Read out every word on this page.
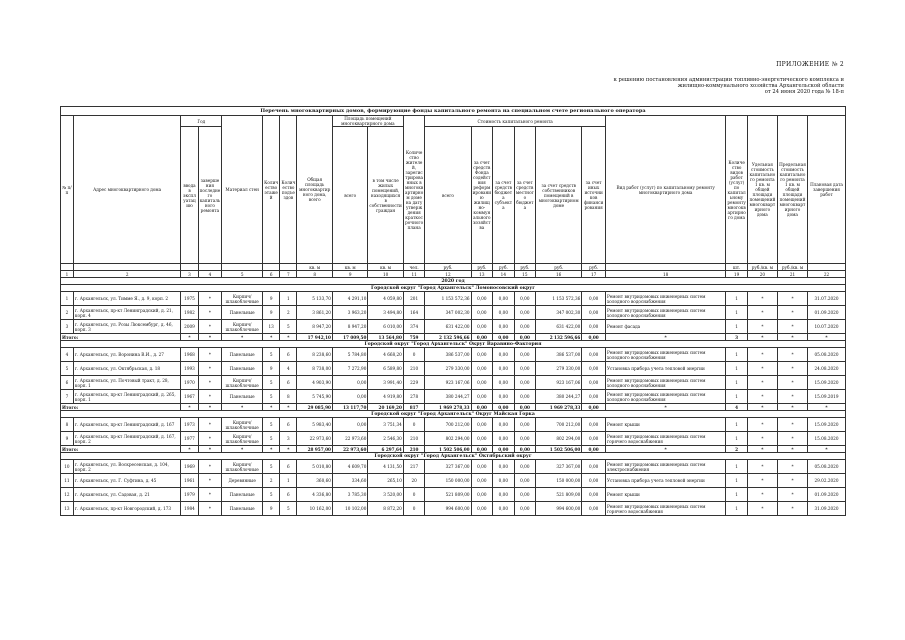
ПРИЛОЖЕНИЕ № 2
к решению постановления администрации топливно-энергетического комплекса и
жилищно-коммунального хозяйства Архангельской области
от 24 июня 2020 года № 18-п
Перечень многоквартирных домов, формирующие фонды капитального ремонта на специальном счете регионального оператора																					
№ п/п	Адрес многоквартирного дома	Год		Материал стен	Количество этажей	Количество подъездов	Общая площадь многоквартирного дома, всего	Площадь помещений многоквартирного дома		Количество жителей, зарегистрированных в многоквартирном доме на дату утверждения краткосрочного плана	Стоимость капитального ремонта						Вид работ (услуг) по капитальному ремонту многоквартирного дома	Количество видов работ (услуг) по капитальному ремонту многоквартирного дома	Удельная стоимость капитального ремонта 1 кв. м общей площади помещений многоквартирного дома	Предельная стоимость капитального ремонта 1 кв. м общей площади помещений многоквартирного дома	Плановая дата завершения работ
		ввода в эксплуатацию	завершения последнего капитального ремонта					всего	в том числе жилых помещений, находящихся в собственности граждан		всего	за счет средств Фонда содействия реформированию жилищно-коммунального хозяйства	за счет средств бюджета субъекта	за счет средств местного бюджета	за счет средств собственников помещений в многоквартирном доме	за счет иных источников финансирования					
							кв. м	кв. м	кв. м	чел.	руб.	руб.	руб.	руб.	руб.	руб.		шт.	руб./кв. м	руб./кв. м	
1	2	3	4	5	6	7	8	9	10	11	12	13	14	15	16	17	18	19	20	21	22
2020 год																					
Городской округ "Город Архангельск" Ломоносовский округ																					
1	г. Архангельск, ул. Тимме Я., д. 9, корп. 2	1975	*	Кирпич/шлакоблочные	9	1	5 133,70	4 291,10	4 059,80	201	1 153 572,36	0,00	0,00	0,00	1 153 572,36	0,00	Ремонт внутридомовых инженерных систем холодного водоснабжения	1	*	*	31.07.2020
2	г. Архангельск, пр-кт Ленинградский, д. 21, корп. 4	1982	*	Панельные	9	2	3 861,20	3 963,20	3 494,80	164	347 002,30	0,00	0,00	0,00	347 002,30	0,00	Ремонт внутридомовых инженерных систем холодного водоснабжения	1	*	*	01.09.2020
3	г. Архангельск, ул. Розы Люксембург, д. 46, корп. 3	2009	*	Кирпич/шлакоблочные	13	5	8 947,20	8 947,20	6 010,00	374	631 422,00	0,00	0,00	0,00	631 422,00	0,00	Ремонт фасада	1	*	*	10.07.2020
Итого:		*	*	*	*	*	17 942,10	17 009,50	13 564,80	759	2 132 596,66	0,00	0,00	0,00	2 132 596,66	0,00	*	3	*	*	*
Городской округ "Город Архангельск" Округ Варавино-Фактория																					
4	г. Архангельск, ул. Воронина В.И., д. 27	1968	*	Панельные	5	6	8 238,60	5 784,80	4 668,20	0	386 537,00	0,00	0,00	0,00	386 537,00	0,00	Ремонт внутридомовых инженерных систем холодного водоснабжения	1	*	*	05.08.2020
5	г. Архангельск, ул. Октябрьская, д. 18	1993	*	Панельные	9	4	8 738,00	7 272,90	6 589,80	210	279 330,00	0,00	0,00	0,00	279 330,00	0,00	Установка прибора учета тепловой энергии	1	*	*	24.08.2020
6	г. Архангельск, ул. Почтовый тракт, д. 28, корп. 1	1970	*	Кирпич/шлакоблочные	5	6	4 903,90	0,00	3 991,40	229	923 167,06	0,00	0,00	0,00	923 167,06	0,00	Ремонт внутридомовых инженерных систем холодного водоснабжения	1	*	*	15.09.2020
7	г. Архангельск, пр-кт Ленинградский, д. 265, корп. 1	1967	*	Панельные	5	8	5 745,90	0,00	4 919,80	278	380 244,27	0,00	0,00	0,00	380 244,27	0,00	Ремонт внутридомовых инженерных систем холодного водоснабжения	1	*	*	15.09.2019
Итого:		*	*	*	*	*	29 085,90	13 117,70	20 169,20	817	1 969 278,33	0,00	0,00	0,00	1 969 278,33	0,00	*	4	*	*	*
Городской округ "Город Архангельск" Округ Майская Горка																					
8	г. Архангельск, пр-кт Ленинградский, д. 167	1973	*	Кирпич/шлакоблочные	5	6	5 983,40	0,00	3 751,34	0	700 212,00	0,00	0,00	0,00	700 212,00	0,00	Ремонт крыши	1	*	*	15.09.2020
9	г. Архангельск, пр-кт Ленинградский, д. 167, корп. 2	1977	*	Кирпич/шлакоблочные	5	3	22 973,60	22 973,60	2 546,30	210	802 294,00	0,00	0,00	0,00	802 294,00	0,00	Ремонт внутридомовых инженерных систем горячего водоснабжения	1	*	*	15.08.2020
Итого:		*	*	*	*	*	28 957,00	22 973,60	6 297,64	210	1 502 506,00	0,00	0,00	0,00	1 502 506,00	0,00	*	2	*	*	*
Городской округ "Город Архангельск" Октябрьский округ																					
10	г. Архангельск, ул. Воскресенская, д. 104, корп. 2	1969	*	Кирпич/шлакоблочные	5	6	5 010,80	4 609,70	4 131,50	217	327 367,00	0,00	0,00	0,00	327 367,00	0,00	Ремонт внутридомовых инженерных систем электроснабжения	1	*	*	05.08.2020
11	г. Архангельск, ул. Г. Суфтина, д. 45	1961	*	Деревянные	2	1	360,60	334,60	265,10	20	150 000,00	0,00	0,00	0,00	150 000,00	0,00	Установка прибора учета тепловой энергии	1	*	*	29.02.2020
12	г. Архангельск, ул. Садовая, д. 21	1979	*	Панельные	5	6	4 336,80	3 785,30	3 520,00	0	521 809,00	0,00	0,00	0,00	521 809,00	0,00	Ремонт крыши	1	*	*	01.09.2020
13	г. Архангельск, пр-кт Новгородский, д. 173	1984	*	Панельные	9	5	10 162,00	10 102,00	8 872,20	0	994 600,00	0,00	0,00	0,00	994 600,00	0,00	Ремонт внутридомовых инженерных систем горячего водоснабжения	1	*	*	31.09.2020
